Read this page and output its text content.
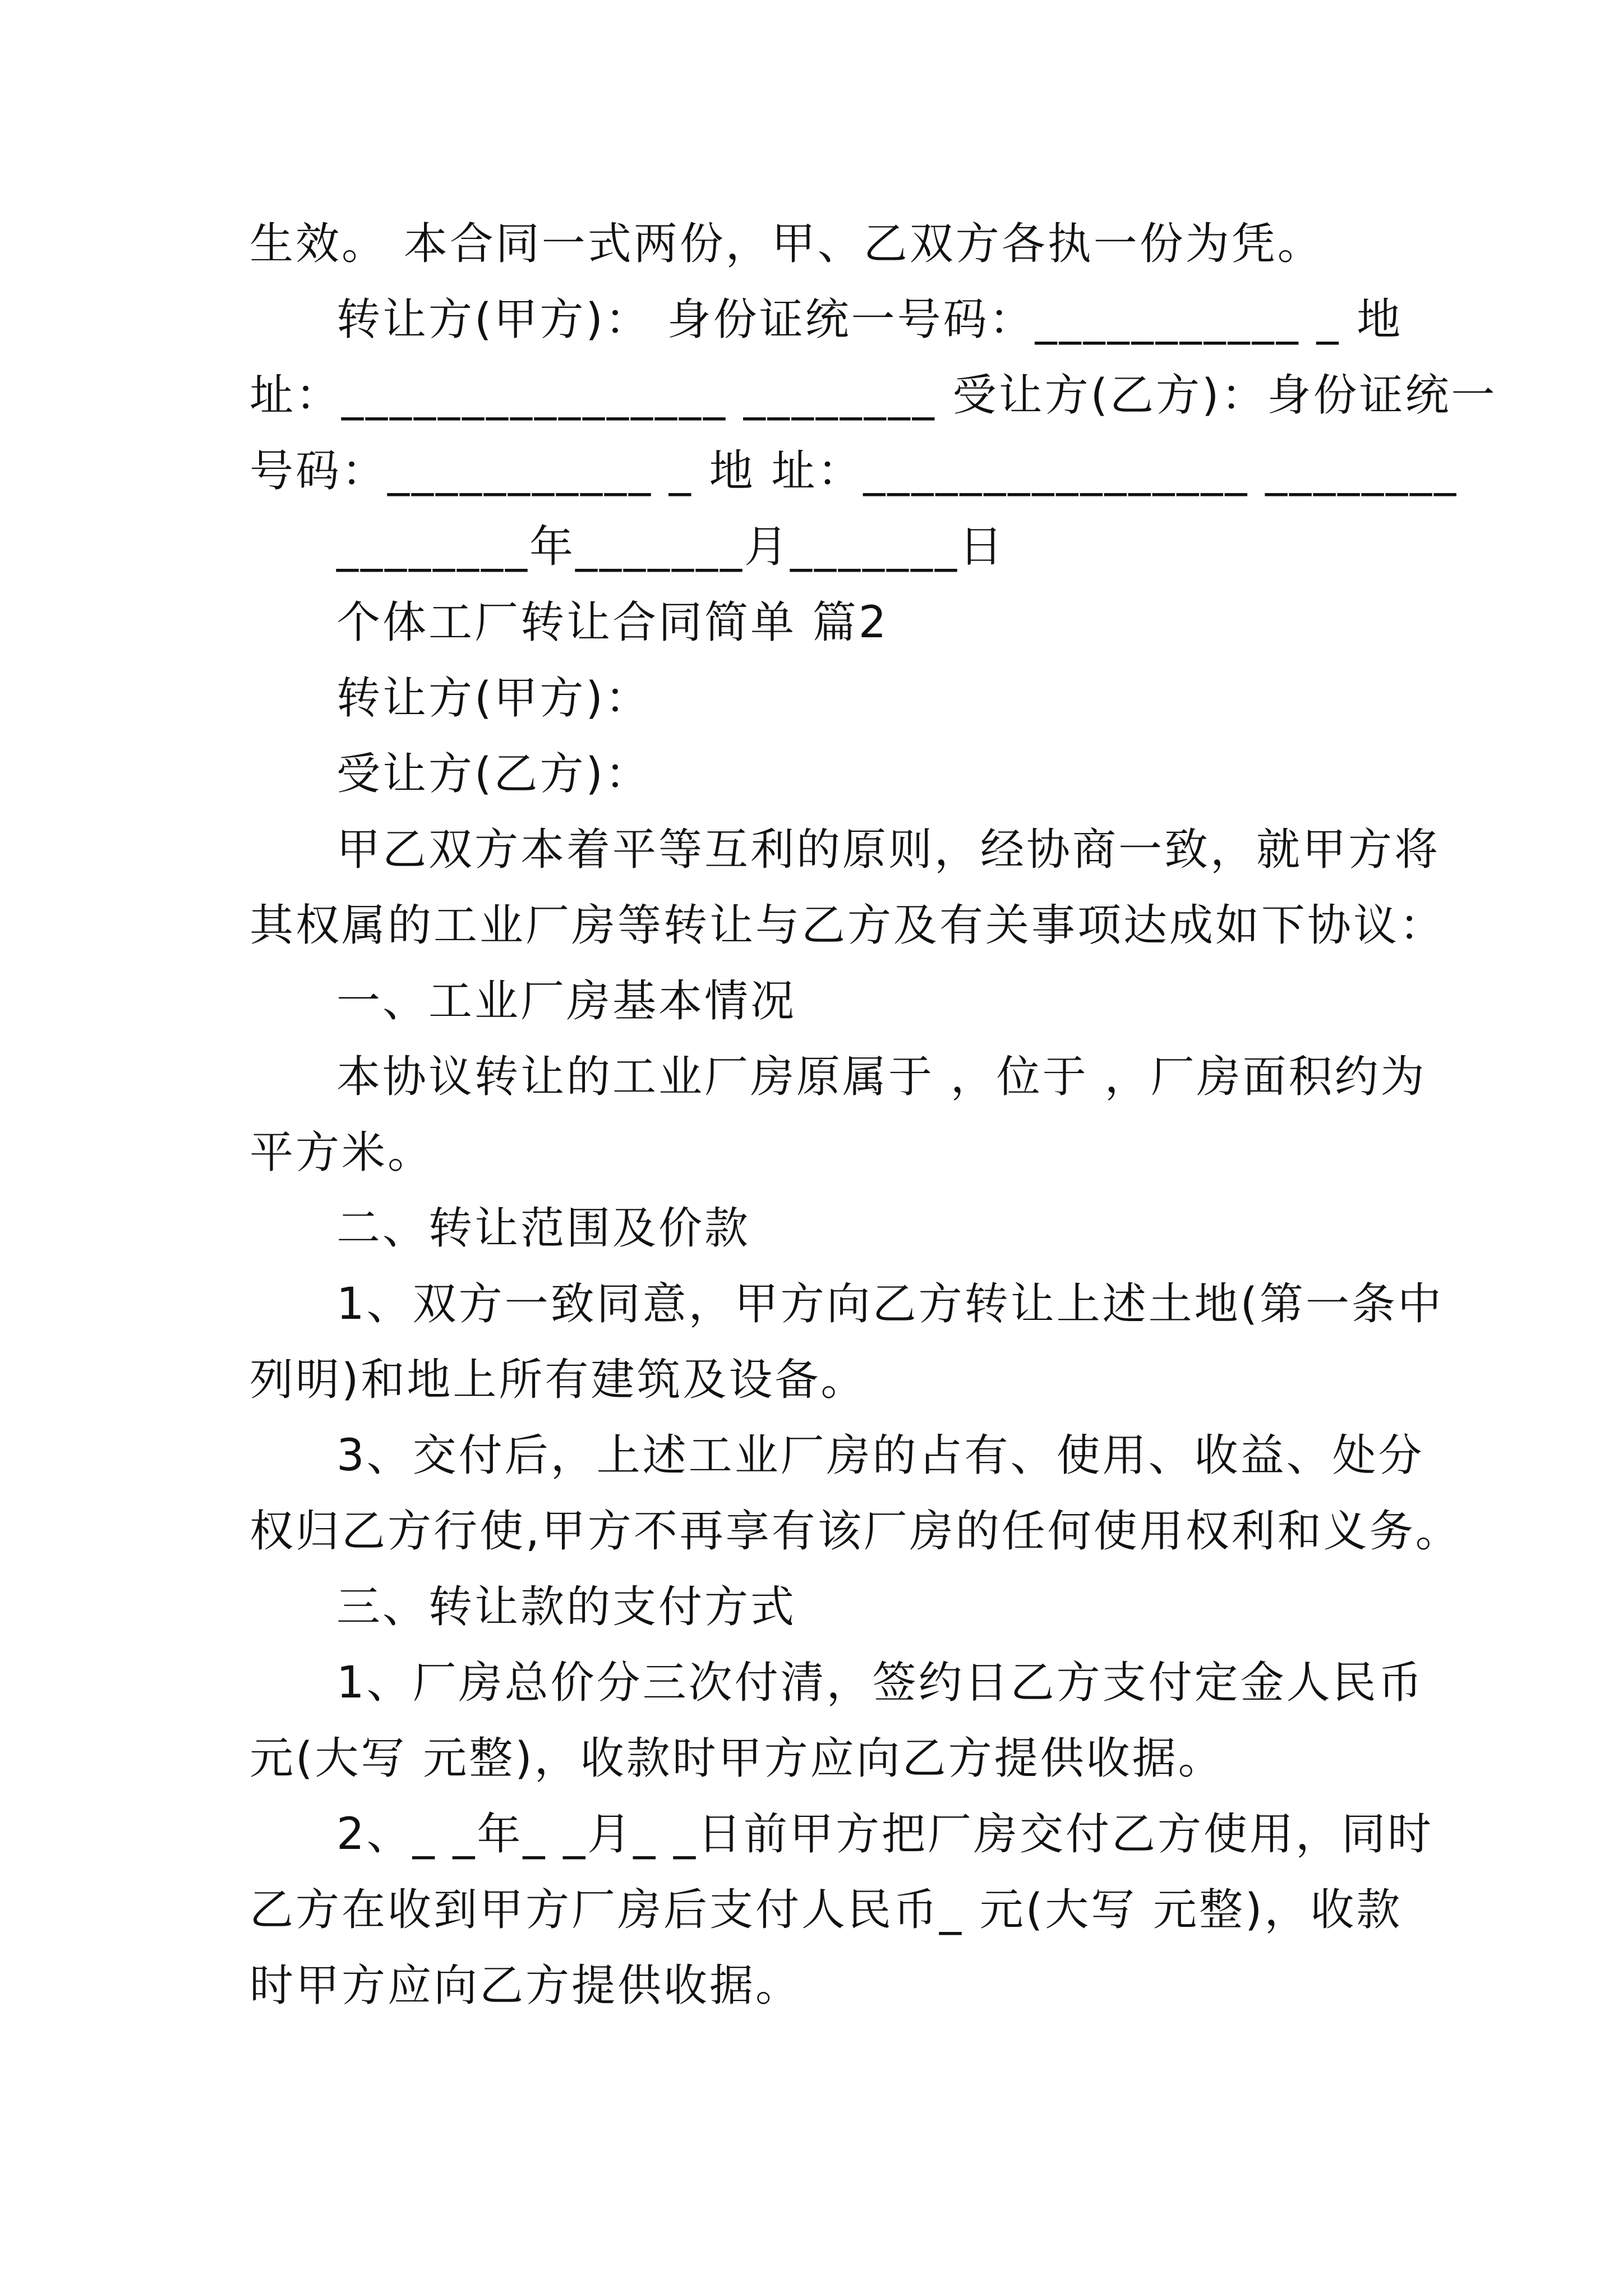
生效。 本合同一式两份，甲、乙双方各执一份为凭。
转让方(甲方)： 身份证统一号码：___________ _ 地
址：________________ ________ 受让方(乙方)：身份证统一
号码：___________ _ 地 址：________________ ________
________年_______月_______日
个体工厂转让合同简单 篇2
转让方(甲方)：
受让方(乙方)：
甲乙双方本着平等互利的原则，经协商一致，就甲方将
其权属的工业厂房等转让与乙方及有关事项达成如下协议：
一、工业厂房基本情况
本协议转让的工业厂房原属于 ，位于 ，厂房面积约为
平方米。
二、转让范围及价款
1、双方一致同意，甲方向乙方转让上述土地(第一条中
列明)和地上所有建筑及设备。
3、交付后，上述工业厂房的占有、使用、收益、处分
权归乙方行使,甲方不再享有该厂房的任何使用权利和义务。
三、转让款的支付方式
1、厂房总价分三次付清，签约日乙方支付定金人民币
元(大写 元整)，收款时甲方应向乙方提供收据。
2、_ _年_ _月_ _日前甲方把厂房交付乙方使用，同时
乙方在收到甲方厂房后支付人民币_ 元(大写 元整)，收款
时甲方应向乙方提供收据。
